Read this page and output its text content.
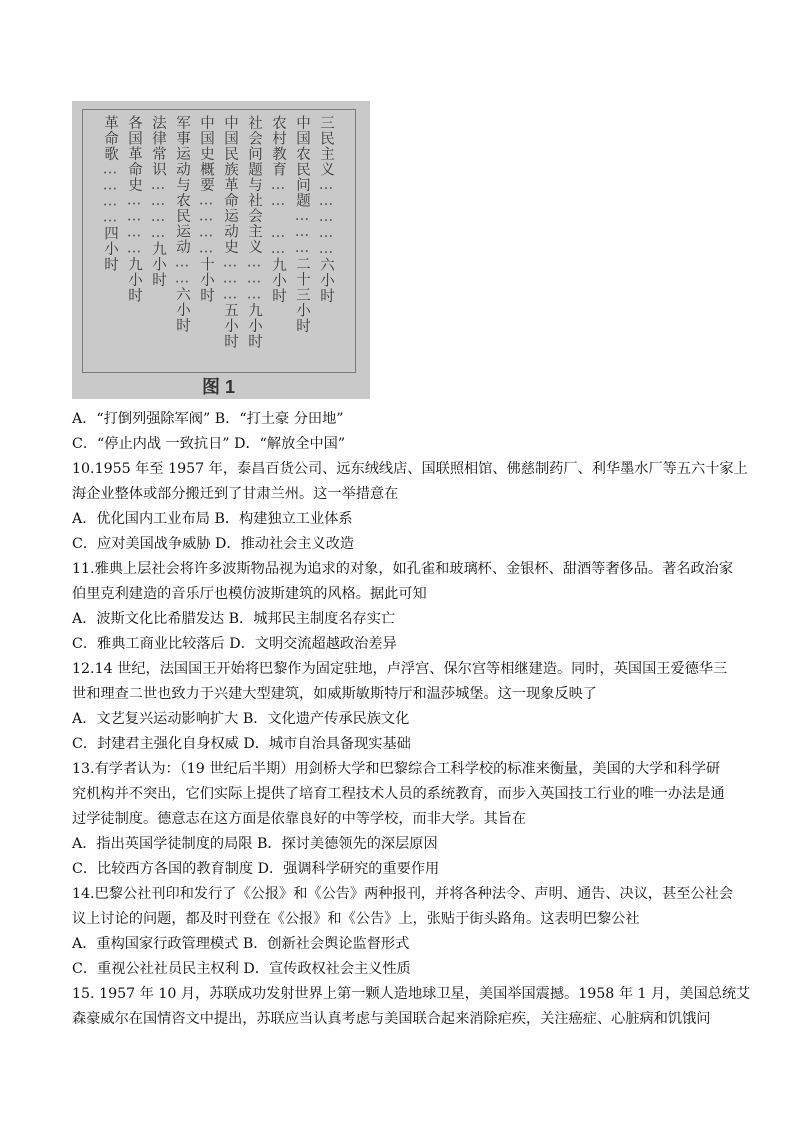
三民主义……………六小时
中国农民问题………二十三小时
农村教育…… ……九小时
社会问题与社会主义………九小时
中国民族革命运动史………五小时
中国史概要…………十小时
军事运动与农民运动……六小时
法律常识…………九小时
各国革命史…………九小时
革命歌…………四小时
图 1
A．“打倒列强除军阀” B．“打土豪 分田地”
C．“停止内战 一致抗日” D．“解放全中国”
10.1955 年至 1957 年，泰昌百货公司、远东绒线店、国联照相馆、佛慈制药厂、利华墨水厂等五六十家上
海企业整体或部分搬迁到了甘肃兰州。这一举措意在
A．优化国内工业布局 B．构建独立工业体系
C．应对美国战争威胁 D．推动社会主义改造
11.雅典上层社会将许多波斯物品视为追求的对象，如孔雀和玻璃杯、金银杯、甜酒等奢侈品。著名政治家
伯里克利建造的音乐厅也模仿波斯建筑的风格。据此可知
A．波斯文化比希腊发达 B．城邦民主制度名存实亡
C．雅典工商业比较落后 D．文明交流超越政治差异
12.14 世纪，法国国王开始将巴黎作为固定驻地，卢浮宫、保尔宫等相继建造。同时，英国国王爱德华三
世和理查二世也致力于兴建大型建筑，如威斯敏斯特厅和温莎城堡。这一现象反映了
A．文艺复兴运动影响扩大 B．文化遗产传承民族文化
C．封建君主强化自身权威 D．城市自治具备现实基础
13.有学者认为：（19 世纪后半期）用剑桥大学和巴黎综合工科学校的标准来衡量，美国的大学和科学研
究机构并不突出，它们实际上提供了培育工程技术人员的系统教育，而步入英国技工行业的唯一办法是通
过学徒制度。德意志在这方面是依靠良好的中等学校，而非大学。其旨在
A．指出英国学徒制度的局限 B．探讨美德领先的深层原因
C．比较西方各国的教育制度 D．强调科学研究的重要作用
14.巴黎公社刊印和发行了《公报》和《公告》两种报刊，并将各种法令、声明、通告、决议，甚至公社会
议上讨论的问题，都及时刊登在《公报》和《公告》上，张贴于街头路角。这表明巴黎公社
A．重构国家行政管理模式 B．创新社会舆论监督形式
C．重视公社社员民主权利 D．宣传政权社会主义性质
15. 1957 年 10 月，苏联成功发射世界上第一颗人造地球卫星，美国举国震撼。1958 年 1 月，美国总统艾
森豪威尔在国情咨文中提出，苏联应当认真考虑与美国联合起来消除疟疾，关注癌症、心脏病和饥饿问
